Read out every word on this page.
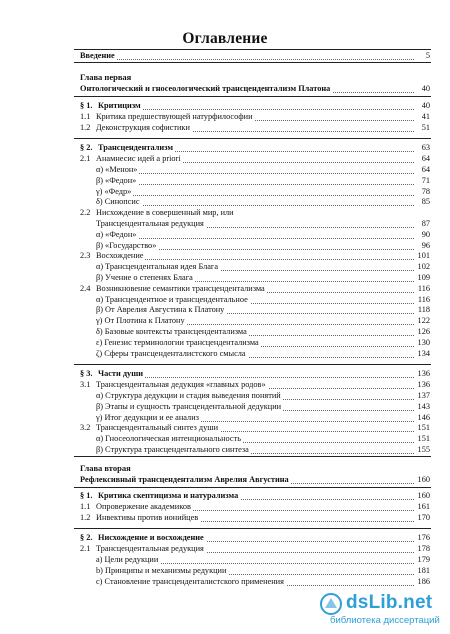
Оглавление
Введение	5
Глава первая
Онтологический и гносеологический трансцендентализм Платона	40
§ 1. Критицизм	40
1.1 Критика предшествующей натурфилософии	41
1.2 Деконструкция софистики	51
§ 2. Трансцендентализм	63
2.1 Анамнесис идей a priori	64
α) «Менон»	64
β) «Федон»	71
γ) «Федр»	78
δ) Синопсис	85
2.2 Нисхождение в совершенный мир, или
Трансцендентальная редукция	87
α) «Федон»	90
β) «Государство»	96
2.3 Восхождение	101
α) Трансцендентальная идея Блага	102
β) Учение о степенях Блага	109
2.4 Возникновение семантики трансцендентализма	116
α) Трансцендентное и трансцендентальное	116
β) От Аврелия Августина к Платону	118
γ) От Плотина к Платону	122
δ) Базовые контексты трансцендентализма	126
ε) Генезис терминологии трансцендентализма	130
ζ) Сферы трансценденталистского смысла	134
§ 3. Части души	136
3.1 Трансцендентальная дедукция «главных родов»	136
α) Структура дедукции и стадия выведения понятий	137
β) Этапы и сущность трансцендентальной дедукции	143
γ) Итог дедукции и ее анализ	146
3.2 Трансцендентальный синтез души	151
α) Гносеологическая интенциональность	151
β) Структура трансцендентального синтеза	155
Глава вторая
Рефлексивный трансцендентализм Аврелия Августина	160
§ 1. Критика скептицизма и натурализма	160
1.1 Опровержение академиков	161
1.2 Инвективы против ионийцев	170
§ 2. Нисхождение и восхождение	176
2.1 Трансцендентальная редукция	178
a) Цели редукции	179
b) Принципы и механизмы редукции	181
c) Становление трансценденталистского применения	186
dsLib.net
библиотека диссертаций
